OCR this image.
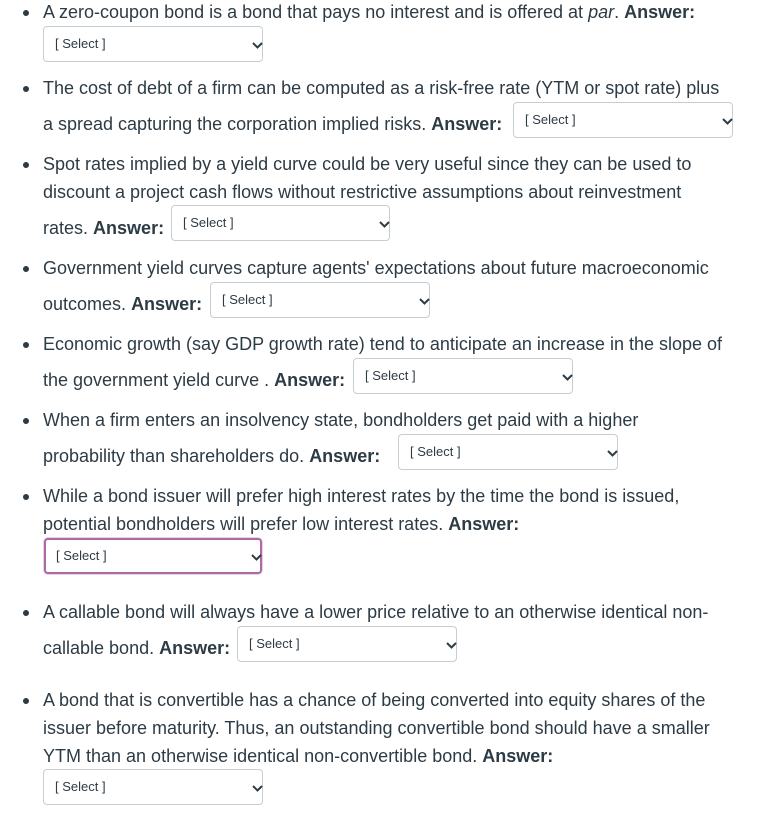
A zero-coupon bond is a bond that pays no interest and is offered at par. Answer:
[ Select ]
The cost of debt of a firm can be computed as a risk-free rate (YTM or spot rate) plus
a spread capturing the corporation implied risks. Answer: [ Select ]
Spot rates implied by a yield curve could be very useful since they can be used to
discount a project cash flows without restrictive assumptions about reinvestment
rates. Answer: [ Select ]
Government yield curves capture agents' expectations about future macroeconomic
outcomes. Answer: [ Select ]
Economic growth (say GDP growth rate) tend to anticipate an increase in the slope of
the government yield curve . Answer: [ Select ]
When a firm enters an insolvency state, bondholders get paid with a higher
probability than shareholders do. Answer: [ Select ]
While a bond issuer will prefer high interest rates by the time the bond is issued,
potential bondholders will prefer low interest rates. Answer:
[ Select ]
A callable bond will always have a lower price relative to an otherwise identical non-
callable bond. Answer: [ Select ]
A bond that is convertible has a chance of being converted into equity shares of the
issuer before maturity. Thus, an outstanding convertible bond should have a smaller
YTM than an otherwise identical non-convertible bond. Answer:
[ Select ]
